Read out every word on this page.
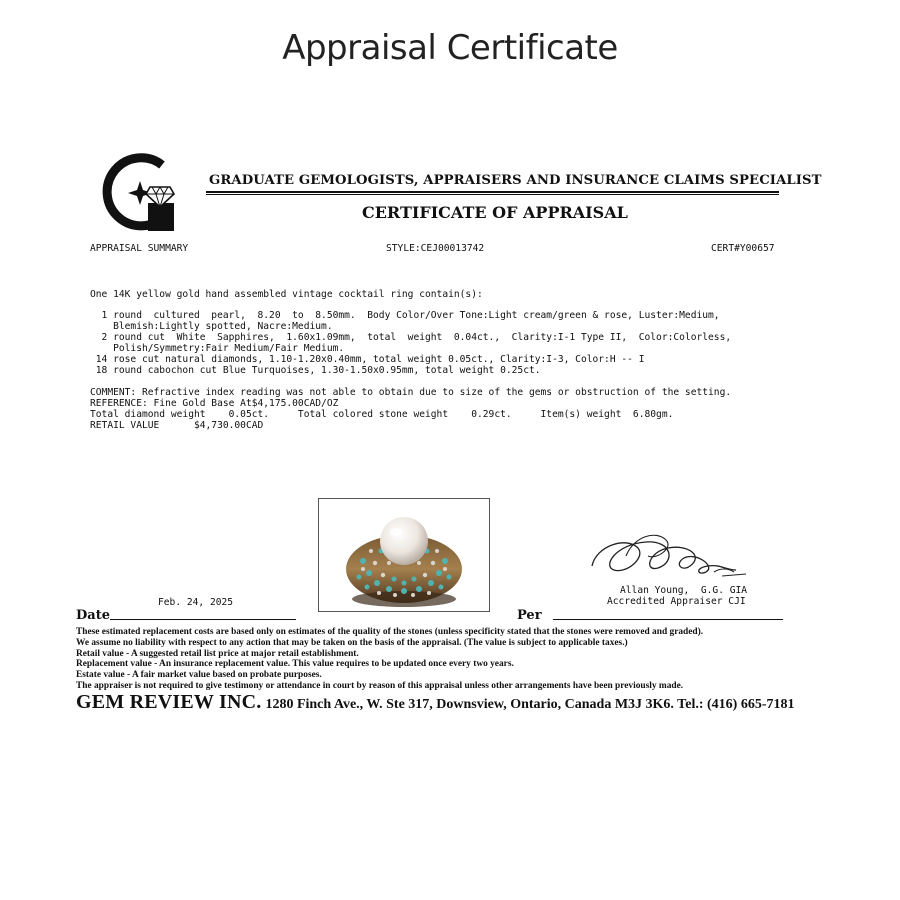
Appraisal Certificate
GRADUATE GEMOLOGISTS, APPRAISERS AND INSURANCE CLAIMS SPECIALIST
CERTIFICATE OF APPRAISAL
APPRAISAL SUMMARY	STYLE:CEJ00013742	CERT#Y00657
One 14K yellow gold hand assembled vintage cocktail ring contain(s):
1 round  cultured  pearl,  8.20  to  8.50mm.  Body Color/Over Tone:Light cream/green & rose, Luster:Medium,
Blemish:Lightly spotted, Nacre:Medium.
2 round cut  White  Sapphires,  1.60x1.09mm,  total  weight  0.04ct.,  Clarity:I-1 Type II,  Color:Colorless,
Polish/Symmetry:Fair Medium/Fair Medium.
14 rose cut natural diamonds, 1.10-1.20x0.40mm, total weight 0.05ct., Clarity:I-3, Color:H -- I
18 round cabochon cut Blue Turquoises, 1.30-1.50x0.95mm, total weight 0.25ct.
COMMENT: Refractive index reading was not able to obtain due to size of the gems or obstruction of the setting.
REFERENCE: Fine Gold Base At$4,175.00CAD/OZ
Total diamond weight    0.05ct.     Total colored stone weight    0.29ct.     Item(s) weight  6.80gm.
RETAIL VALUE      $4,730.00CAD
Feb. 24, 2025
Allan Young,  G.G. GIA
Accredited Appraiser CJI
Date	Per
These estimated replacement costs are based only on estimates of the quality of the stones (unless specificity stated that the stones were removed and graded).
We assume no liability with respect to any action that may be taken on the basis of the appraisal. (The value is subject to applicable taxes.)
Retail value - A suggested retail list price at major retail establishment.
Replacement value - An insurance replacement value. This value requires to be updated once every two years.
Estate value - A fair market value based on probate purposes.
The appraiser is not required to give testimony or attendance in court by reason of this appraisal unless other arrangements have been previously made.
GEM REVIEW INC. 1280 Finch Ave., W. Ste 317, Downsview, Ontario, Canada M3J 3K6. Tel.: (416) 665-7181
